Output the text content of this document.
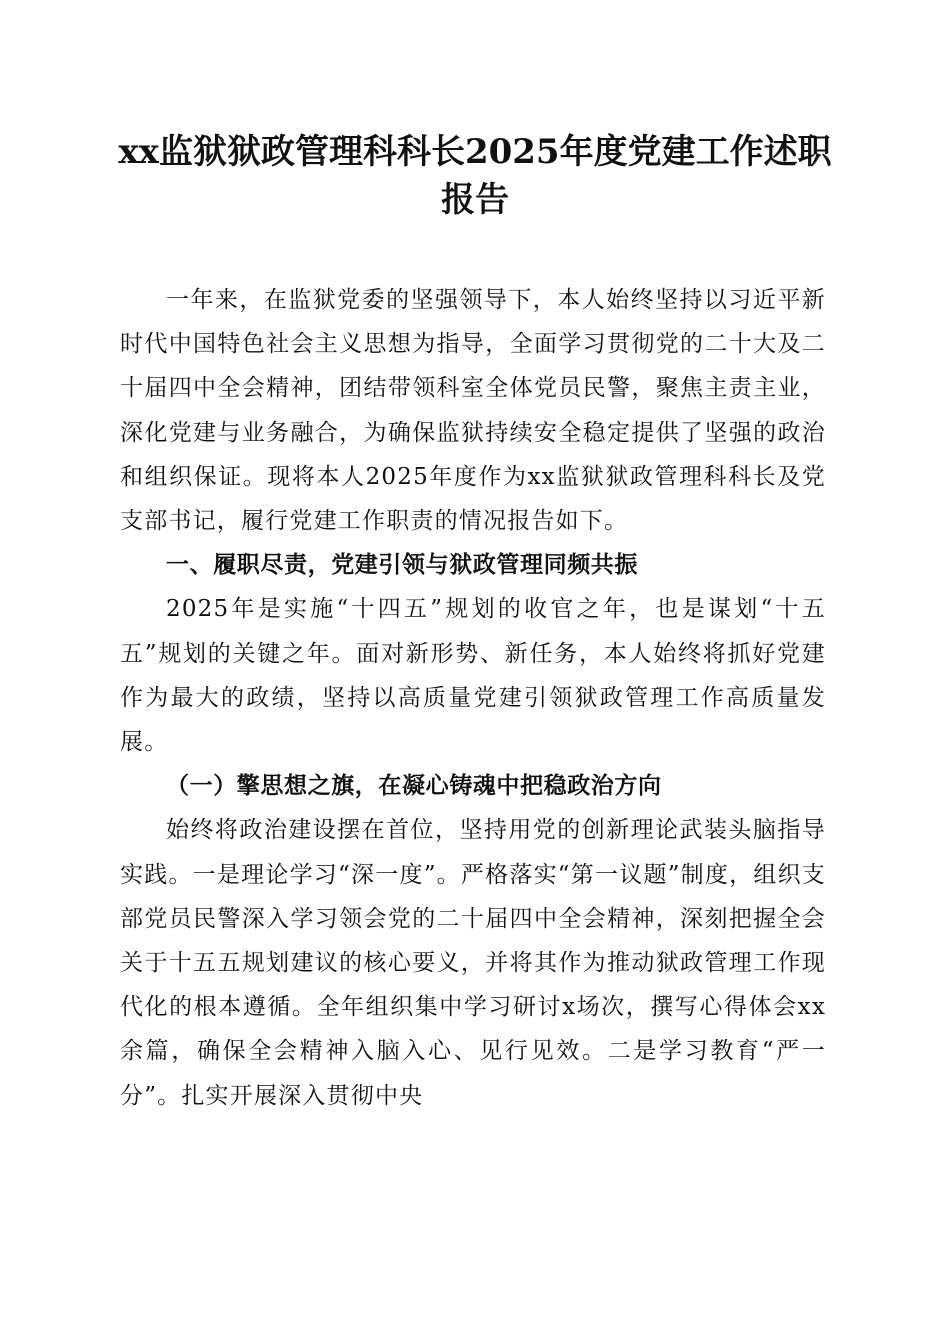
xx监狱狱政管理科科长2025年度党建工作述职报告

一年来，在监狱党委的坚强领导下，本人始终坚持以习近平新时代中国特色社会主义思想为指导，全面学习贯彻党的二十大及二十届四中全会精神，团结带领科室全体党员民警，聚焦主责主业，深化党建与业务融合，为确保监狱持续安全稳定提供了坚强的政治和组织保证。现将本人2025年度作为xx监狱狱政管理科科长及党支部书记，履行党建工作职责的情况报告如下。

一、履职尽责，党建引领与狱政管理同频共振

2025年是实施“十四五”规划的收官之年，也是谋划“十五五”规划的关键之年。面对新形势、新任务，本人始终将抓好党建作为最大的政绩，坚持以高质量党建引领狱政管理工作高质量发展。

（一）擎思想之旗，在凝心铸魂中把稳政治方向

始终将政治建设摆在首位，坚持用党的创新理论武装头脑指导实践。一是理论学习“深一度”。严格落实“第一议题”制度，组织支部党员民警深入学习领会党的二十届四中全会精神，深刻把握全会关于十五五规划建议的核心要义，并将其作为推动狱政管理工作现代化的根本遵循。全年组织集中学习研讨x场次，撰写心得体会xx余篇，确保全会精神入脑入心、见行见效。二是学习教育“严一分”。扎实开展深入贯彻中央
